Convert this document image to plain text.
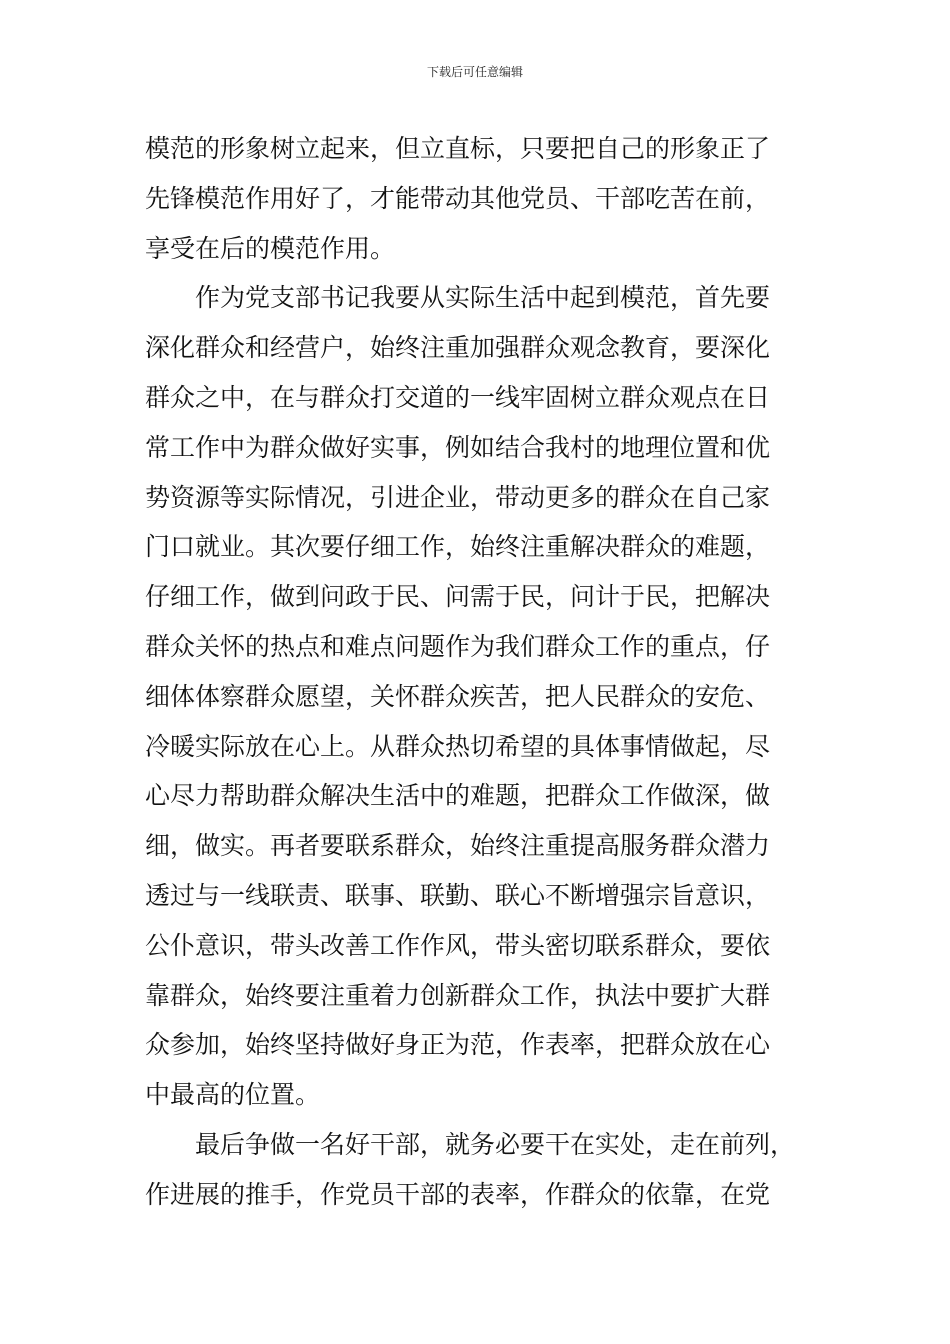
下载后可任意编辑
模范的形象树立起来，但立直标，只要把自己的形象正了
先锋模范作用好了，才能带动其他党员、干部吃苦在前，
享受在后的模范作用。
作为党支部书记我要从实际生活中起到模范，首先要
深化群众和经营户，始终注重加强群众观念教育，要深化
群众之中，在与群众打交道的一线牢固树立群众观点在日
常工作中为群众做好实事，例如结合我村的地理位置和优
势资源等实际情况，引进企业，带动更多的群众在自己家
门口就业。其次要仔细工作，始终注重解决群众的难题，
仔细工作，做到问政于民、问需于民，问计于民，把解决
群众关怀的热点和难点问题作为我们群众工作的重点，仔
细体体察群众愿望，关怀群众疾苦，把人民群众的安危、
冷暖实际放在心上。从群众热切希望的具体事情做起，尽
心尽力帮助群众解决生活中的难题，把群众工作做深，做
细，做实。再者要联系群众，始终注重提高服务群众潜力
透过与一线联责、联事、联勤、联心不断增强宗旨意识，
公仆意识，带头改善工作作风，带头密切联系群众，要依
靠群众，始终要注重着力创新群众工作，执法中要扩大群
众参加，始终坚持做好身正为范，作表率，把群众放在心
中最高的位置。
最后争做一名好干部，就务必要干在实处，走在前列，
作进展的推手，作党员干部的表率，作群众的依靠，在党
